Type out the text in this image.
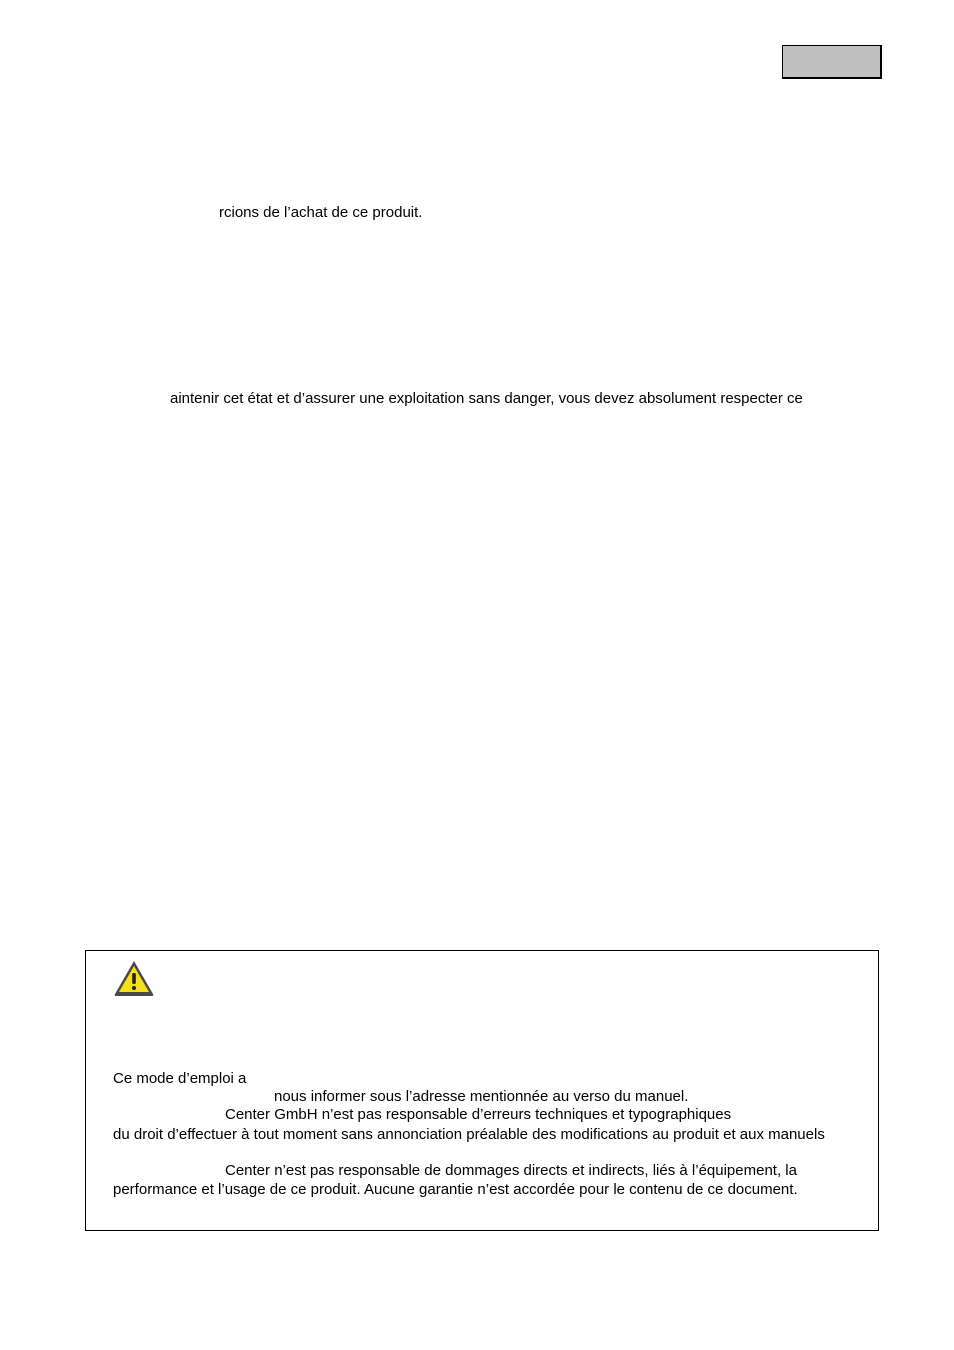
rcions de l’achat de ce produit.
aintenir cet état et d’assurer une exploitation sans danger, vous devez absolument respecter ce
Ce mode d’emploi a
nous informer sous l’adresse mentionnée au verso du manuel.
Center GmbH n’est pas responsable d’erreurs techniques et typographiques
du droit d’effectuer à tout moment sans annonciation préalable des modifications au produit et aux manuels
Center n’est pas responsable de dommages directs et indirects, liés à l’équipement, la
performance et l’usage de ce produit. Aucune garantie n’est accordée pour le contenu de ce document.
